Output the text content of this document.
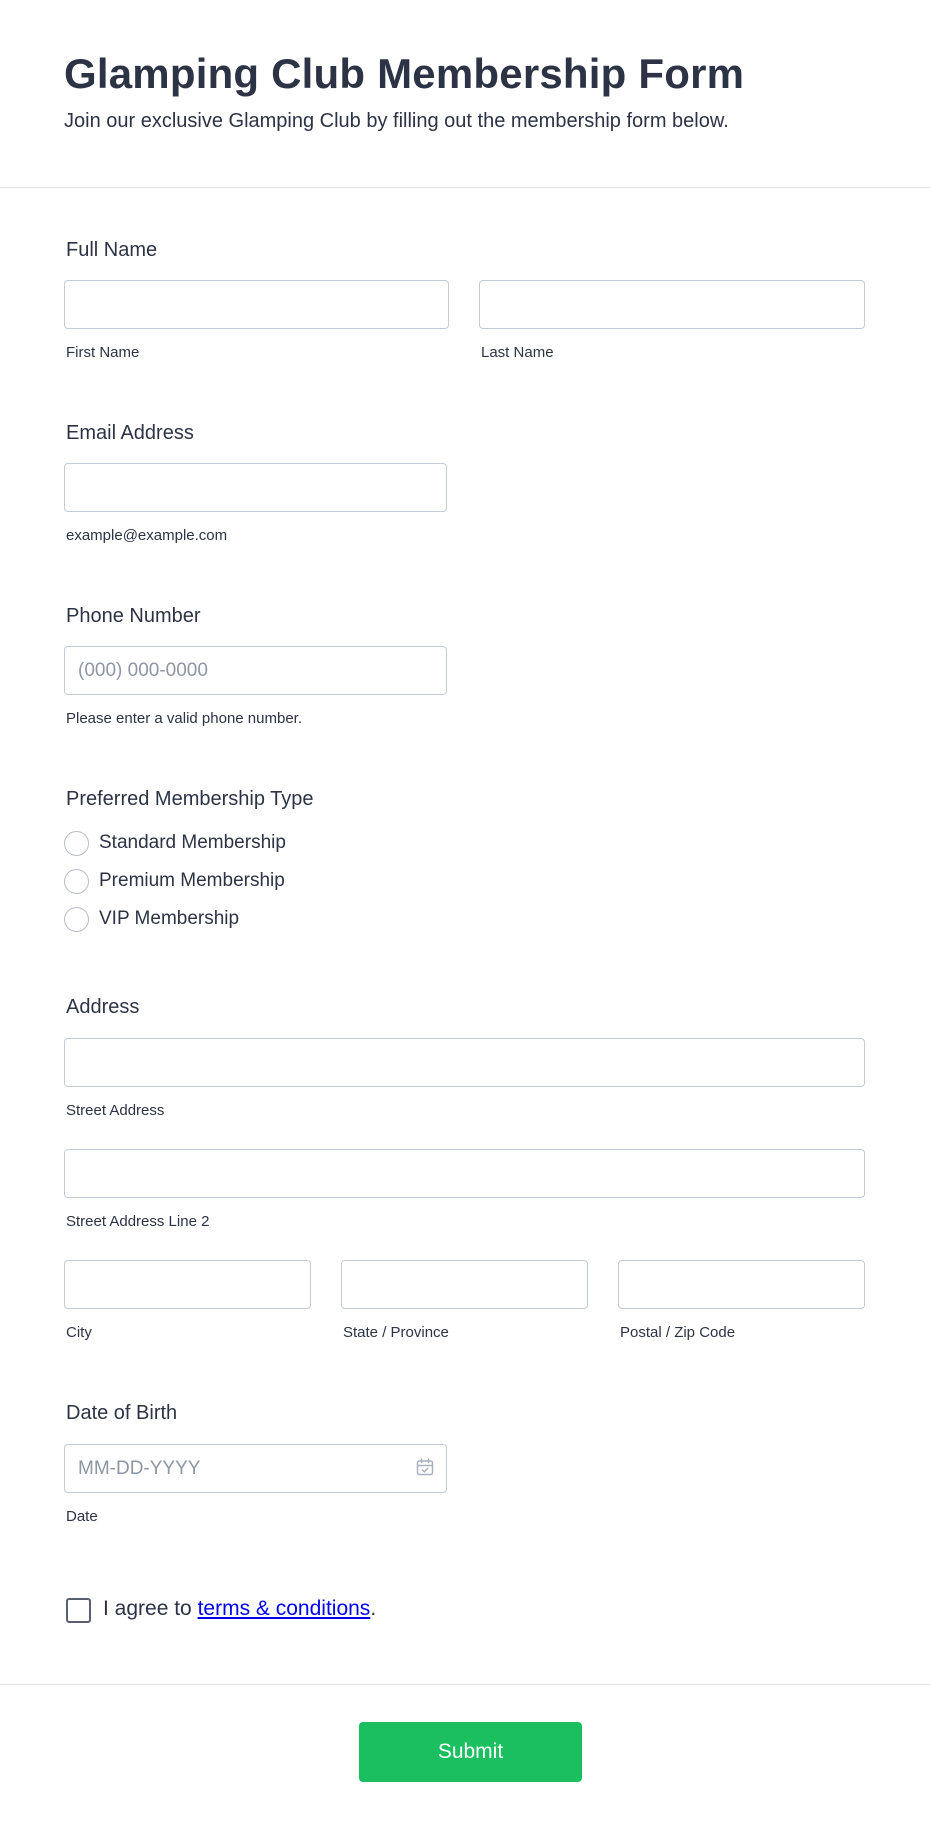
Glamping Club Membership Form
Join our exclusive Glamping Club by filling out the membership form below.
Full Name
First Name	Last Name
Email Address
example@example.com
Phone Number
(000) 000-0000
Please enter a valid phone number.
Preferred Membership Type
Standard Membership
Premium Membership
VIP Membership
Address
Street Address
Street Address Line 2
City	State / Province	Postal / Zip Code
Date of Birth
MM-DD-YYYY
Date
I agree to terms & conditions.
Submit
